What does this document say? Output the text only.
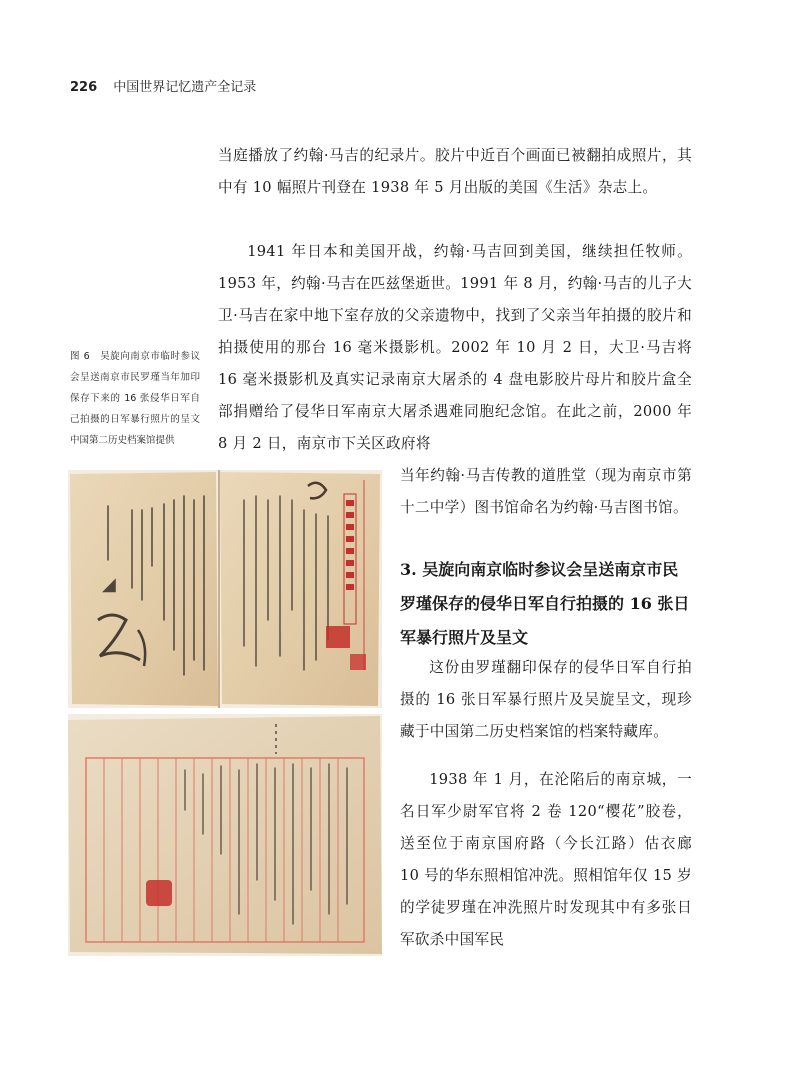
226 中国世界记忆遗产全记录

当庭播放了约翰·马吉的纪录片。胶片中近百个画面已被翻拍成照片，其中有 10 幅照片刊登在 1938 年 5 月出版的美国《生活》杂志上。

1941 年日本和美国开战，约翰·马吉回到美国，继续担任牧师。1953 年，约翰·马吉在匹兹堡逝世。1991 年 8 月，约翰·马吉的儿子大卫·马吉在家中地下室存放的父亲遗物中，找到了父亲当年拍摄的胶片和拍摄使用的那台 16 毫米摄影机。2002 年 10 月 2 日，大卫·马吉将 16 毫米摄影机及真实记录南京大屠杀的 4 盘电影胶片母片和胶片盒全部捐赠给了侵华日军南京大屠杀遇难同胞纪念馆。在此之前，2000 年 8 月 2 日，南京市下关区政府将

当年约翰·马吉传教的道胜堂（现为南京市第十二中学）图书馆命名为约翰·马吉图书馆。

图 6　吴旋向南京市临时参议会呈送南京市民罗瑾当年加印保存下来的 16 张侵华日军自己拍摄的日军暴行照片的呈文　中国第二历史档案馆提供
◢

3. 吴旋向南京临时参议会呈送南京市民罗瑾保存的侵华日军自行拍摄的 16 张日军暴行照片及呈文

这份由罗瑾翻印保存的侵华日军自行拍摄的 16 张日军暴行照片及吴旋呈文，现珍藏于中国第二历史档案馆的档案特藏库。

1938 年 1 月，在沦陷后的南京城，一名日军少尉军官将 2 卷 120“樱花”胶卷，送至位于南京国府路（今长江路）估衣廊 10 号的华东照相馆冲洗。照相馆年仅 15 岁的学徒罗瑾在冲洗照片时发现其中有多张日军砍杀中国军民
